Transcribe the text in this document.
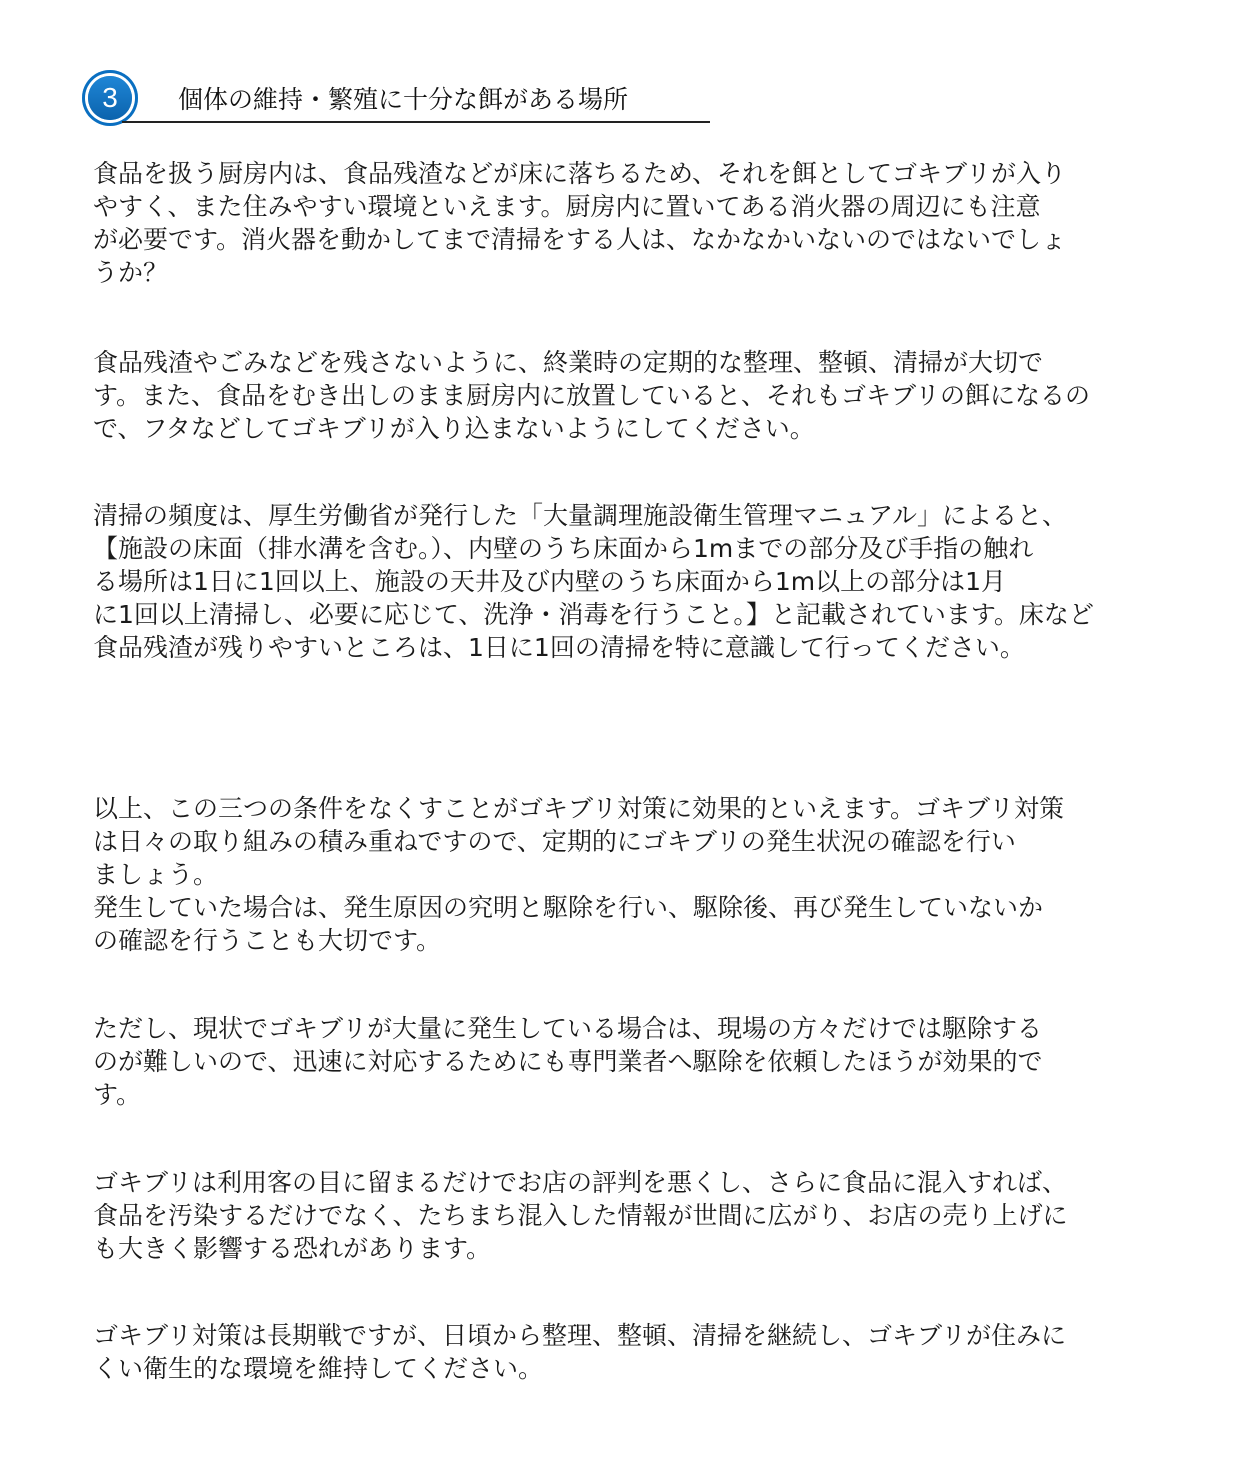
3	個体の維持・繁殖に十分な餌がある場所

食品を扱う厨房内は、食品残渣などが床に落ちるため、それを餌としてゴキブリが入り

やすく、また住みやすい環境といえます。厨房内に置いてある消火器の周辺にも注意

が必要です。消火器を動かしてまで清掃をする人は、なかなかいないのではないでしょ

うか？

食品残渣やごみなどを残さないように、終業時の定期的な整理、整頓、清掃が大切で

す。また、食品をむき出しのまま厨房内に放置していると、それもゴキブリの餌になるの

で、フタなどしてゴキブリが入り込まないようにしてください。

清掃の頻度は、厚生労働省が発行した「大量調理施設衛生管理マニュアル」によると、

【施設の床面（排水溝を含む。）、内壁のうち床面から1mまでの部分及び手指の触れ

る場所は1日に1回以上、施設の天井及び内壁のうち床面から1m以上の部分は1月

に1回以上清掃し、必要に応じて、洗浄・消毒を行うこと。】と記載されています。床など

食品残渣が残りやすいところは、1日に1回の清掃を特に意識して行ってください。

以上、この三つの条件をなくすことがゴキブリ対策に効果的といえます。ゴキブリ対策

は日々の取り組みの積み重ねですので、定期的にゴキブリの発生状況の確認を行い

ましょう。

発生していた場合は、発生原因の究明と駆除を行い、駆除後、再び発生していないか

の確認を行うことも大切です。

ただし、現状でゴキブリが大量に発生している場合は、現場の方々だけでは駆除する

のが難しいので、迅速に対応するためにも専門業者へ駆除を依頼したほうが効果的で

す。

ゴキブリは利用客の目に留まるだけでお店の評判を悪くし、さらに食品に混入すれば、

食品を汚染するだけでなく、たちまち混入した情報が世間に広がり、お店の売り上げに

も大きく影響する恐れがあります。

ゴキブリ対策は長期戦ですが、日頃から整理、整頓、清掃を継続し、ゴキブリが住みに

くい衛生的な環境を維持してください。
